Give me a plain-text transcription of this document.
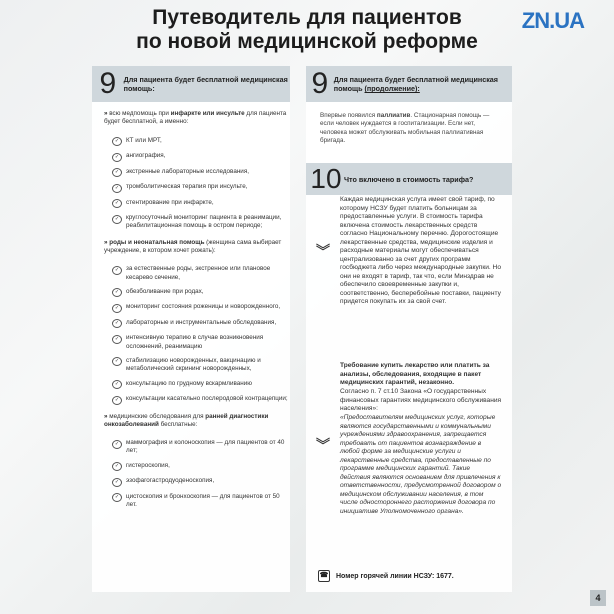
Путеводитель для пациентов
по новой медицинской реформе
ZN.UA
9	Для пациента будет бесплатной медицинская помощь:
» всю медпомощь при инфаркте или инсульте для пациента будет бесплатной, а именно:
✓	КТ или МРТ,
✓	ангиография,
✓	экстренные лабораторные исследования,
✓	тромболитическая терапия при инсульте,
✓	стентирование при инфаркте,
✓	круглосуточный мониторинг пациента в реанимации, реабилитационная помощь в остром периоде;
» роды и неонатальная помощь (женщина сама выбирает учреждение, в котором хочет рожать):
✓	за естественные роды, экстренное или плановое кесарево сечение,
✓	обезболивание при родах,
✓	мониторинг состояния роженицы и новорожденного,
✓	лабораторные и инструментальные обследования,
✓	интенсивную терапию в случае возникновения осложнений, реанимацию
✓	стабилизацию новорожденных, вакцинацию и метаболический скрининг новорожденных,
✓	консультацию по грудному вскармливанию
✓	консультации касательно послеродовой контрацепции;
» медицинские обследования для ранней диагностики онкозаболеваний бесплатные:
✓	маммография и колоноскопия — для пациентов от 40 лет;
✓	гистероскопия,
✓	эзофагогастродуоденоскопия,
✓	цистоскопия и бронхоскопия — для пациентов от 50 лет.
9 Для пациента будет бесплатной медицинская помощь (продолжение):
Впервые появился паллиатив. Стационарная помощь — если человек нуждается в госпитализации. Если нет, человека может обслуживать мобильная паллиативная бригада.
10 Что включено в стоимость тарифа?
︾
Каждая медицинская услуга имеет свой тариф, по которому НСЗУ будет платить больницам за предоставленные услуги. В стоимость тарифа включена стоимость лекарственных средств согласно Национальному перечню. Дорогостоящие лекарственные средства, медицинские изделия и расходные материалы могут обеспечиваться централизованно за счет других программ госбюджета либо через международные закупки. Но они не входят в тариф, так что, если Минздрав не обеспечило своевременные закупки и, соответственно, бесперебойные поставки, пациенту придется покупать их за свой счет.
Требование купить лекарство или платить за анализы, обследования, входящие в пакет медицинских гарантий, незаконно.
Согласно п. 7 ст.10 Закона «О государственных финансовых гарантиях медицинского обслуживания населения»:
︾
«Предоставителям медицинских услуг, которые являются государственными и коммунальными учреждениями здравоохранения, запрещается требовать от пациентов вознаграждение в любой форме за медицинские услуги и лекарственные средства, предоставленные по программе медицинских гарантий. Такие действия являются основанием для привлечения к ответственности, предусмотренной договором о медицинском обслуживании населения, в том числе одностороннего расторжения договора по инициативе Уполномоченного органа».
☎ Номер горячей линии НСЗУ: 1677.
4
